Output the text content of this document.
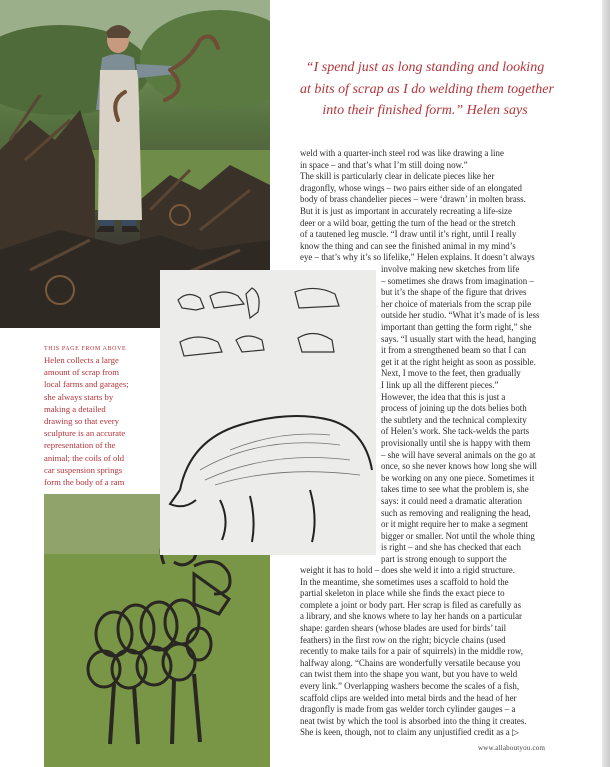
“I spend just as long standing and looking
at bits of scrap as I do welding them together
into their finished form.” Helen says
THIS PAGE FROM ABOVE
Helen collects a large
amount of scrap from
local farms and garages;
she always starts by
making a detailed
drawing so that every
sculpture is an accurate
representation of the
animal; the coils of old
car suspension springs
form the body of a ram
weld with a quarter-inch steel rod was like drawing a line
in space – and that’s what I’m still doing now.”
The skill is particularly clear in delicate pieces like her
dragonfly, whose wings – two pairs either side of an elongated
body of brass chandelier pieces – were ‘drawn’ in molten brass.
But it is just as important in accurately recreating a life-size
deer or a wild boar, getting the turn of the head or the stretch
of a tautened leg muscle. “I draw until it’s right, until I really
know the thing and can see the finished animal in my mind’s
eye – that’s why it’s so lifelike,” Helen explains. It doesn’t always
involve making new sketches from life
– sometimes she draws from imagination –
but it’s the shape of the figure that drives
her choice of materials from the scrap pile
outside her studio. “What it’s made of is less
important than getting the form right,” she
says. “I usually start with the head, hanging
it from a strengthened beam so that I can
get it at the right height as soon as possible.
Next, I move to the feet, then gradually
I link up all the different pieces.”
However, the idea that this is just a
process of joining up the dots belies both
the subtlety and the technical complexity
of Helen’s work. She tack-welds the parts
provisionally until she is happy with them
– she will have several animals on the go at
once, so she never knows how long she will
be working on any one piece. Sometimes it
takes time to see what the problem is, she
says: it could need a dramatic alteration
such as removing and realigning the head,
or it might require her to make a segment
bigger or smaller. Not until the whole thing
is right – and she has checked that each
part is strong enough to support the
weight it has to hold – does she weld it into a rigid structure.
In the meantime, she sometimes uses a scaffold to hold the
partial skeleton in place while she finds the exact piece to
complete a joint or body part. Her scrap is filed as carefully as
a library, and she knows where to lay her hands on a particular
shape: garden shears (whose blades are used for birds’ tail
feathers) in the first row on the right; bicycle chains (used
recently to make tails for a pair of squirrels) in the middle row,
halfway along. “Chains are wonderfully versatile because you
can twist them into the shape you want, but you have to weld
every link.” Overlapping washers become the scales of a fish,
scaffold clips are welded into metal birds and the head of her
dragonfly is made from gas welder torch cylinder gauges – a
neat twist by which the tool is absorbed into the thing it creates.
She is keen, though, not to claim any unjustified credit as a ▷
www.allaboutyou.com
